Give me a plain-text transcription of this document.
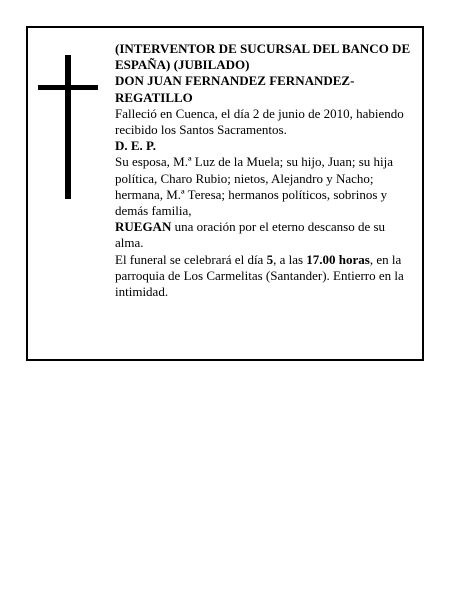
(INTERVENTOR DE SUCURSAL DEL BANCO DE ESPAÑA) (JUBILADO)

DON JUAN FERNANDEZ FERNANDEZ-REGATILLO

Falleció en Cuenca, el día 2 de junio de 2010, habiendo recibido los Santos Sacramentos.

D. E. P.

Su esposa, M.ª Luz de la Muela; su hijo, Juan; su hija política, Charo Rubio; nietos, Alejandro y Nacho; hermana, M.ª Teresa; hermanos políticos, sobrinos y demás familia,

RUEGAN una oración por el eterno descanso de su alma.

El funeral se celebrará el día 5, a las 17.00 horas, en la parroquia de Los Carmelitas (Santander). Entierro en la intimidad.
